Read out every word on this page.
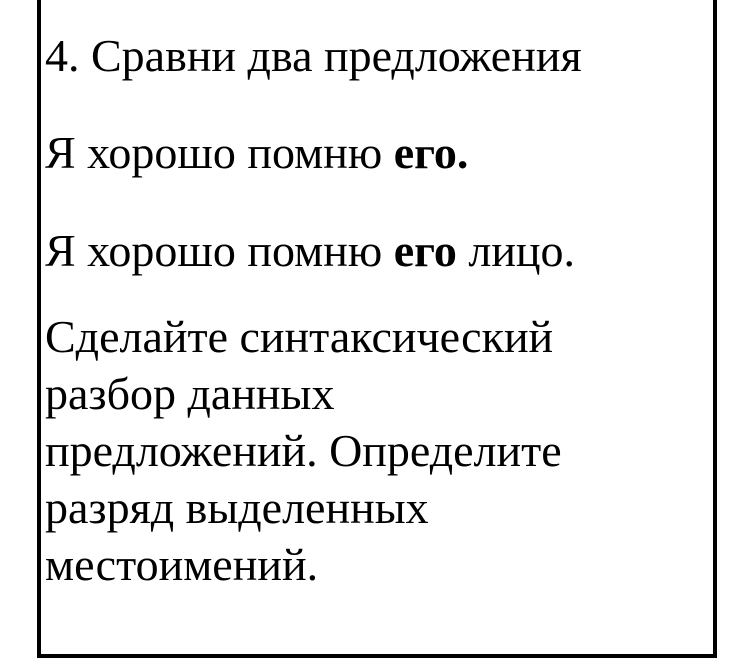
4. Сравни два предложения

Я хорошо помню его.

Я хорошо помню его лицо.

Сделайте синтаксический
разбор данных
предложений. Определите
разряд выделенных
местоимений.
